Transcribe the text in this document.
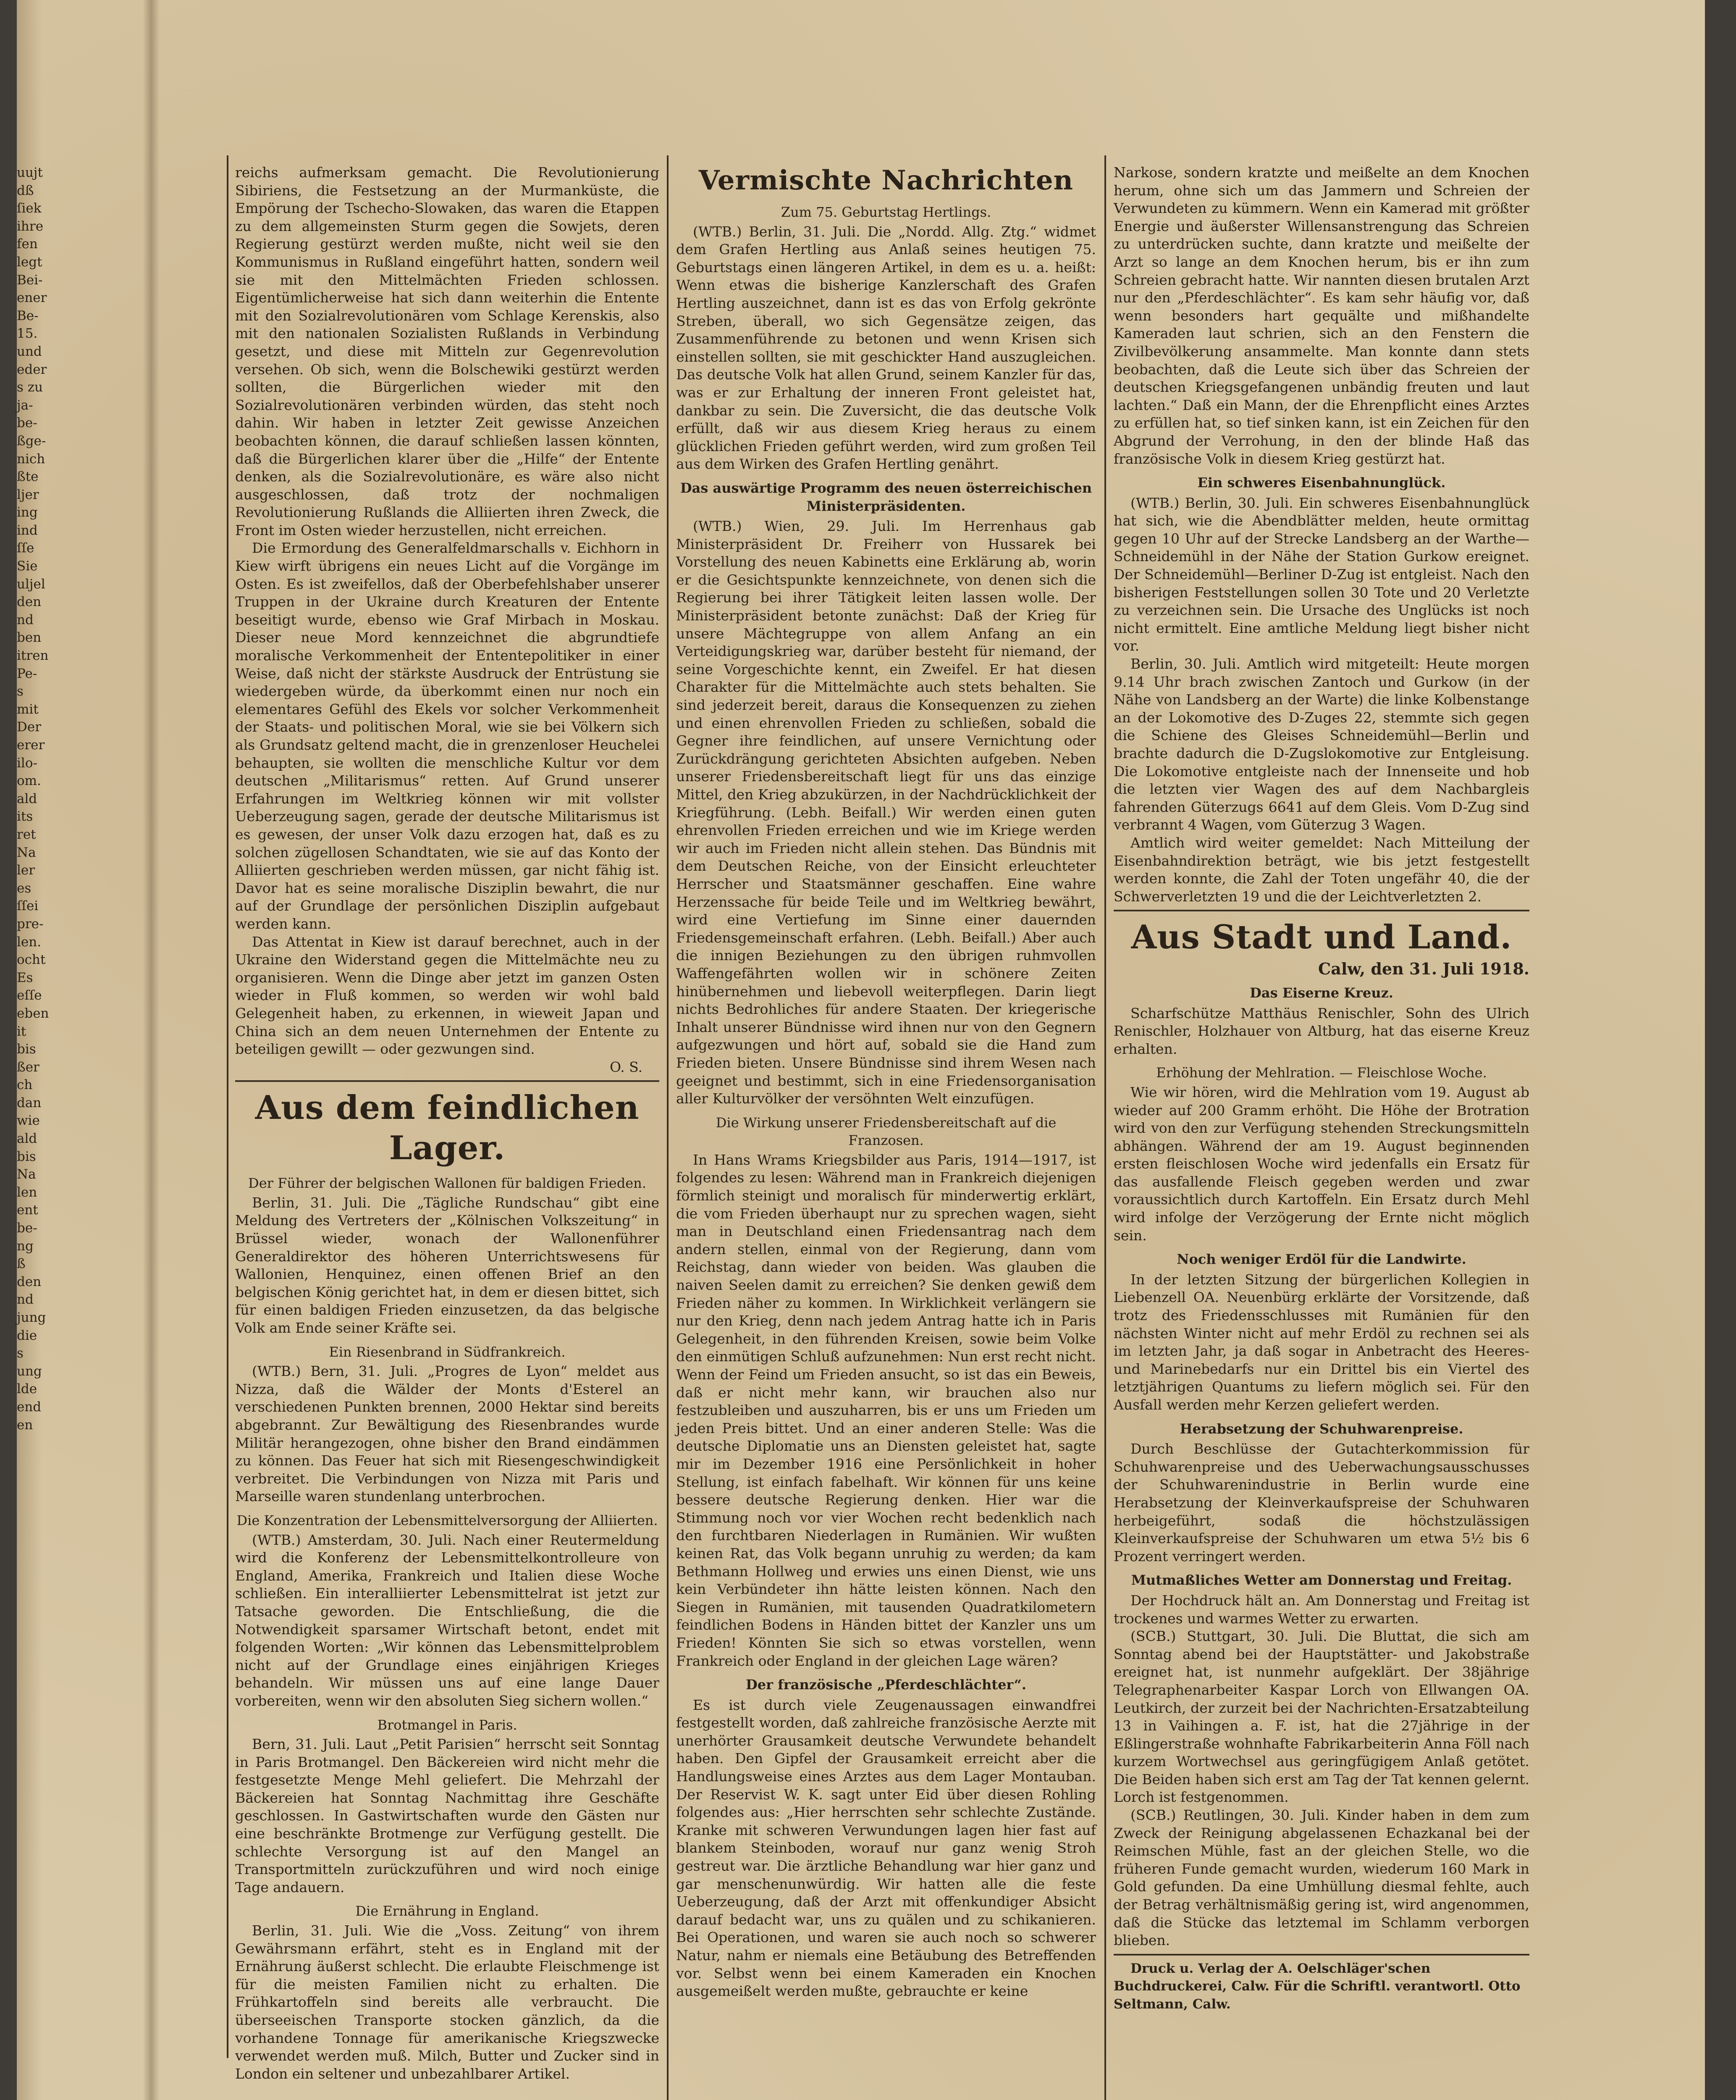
uujt
dß
ſiek
ihre
fen
legt
Bei-
ener
Be-
15.
und
eder
s zu
ja-
be-
ßge-
nich
ßte
ljer
ing
ind
ſſe
Sie
uljel
den
nd
ben
itren
Pe-
s
mit
Der
erer
ilo-
om.
ald
its
ret
Na
ler
es
ſſei
pre-
len.
ocht
Es
eſſe
eben
it
bis
ßer
ch
dan
wie
ald
bis
Na
len
ent
be-
ng
ß
den
nd
jung
die
s
ung
lde
end
en

reichs aufmerksam gemacht. Die Revolutionierung Sibiriens, die Festsetzung an der Murmanküste, die Empörung der Tschecho-Slowaken, das waren die Etappen zu dem allgemeinsten Sturm gegen die Sowjets, deren Regierung gestürzt werden mußte, nicht weil sie den Kommunismus in Rußland eingeführt hatten, sondern weil sie mit den Mittelmächten Frieden schlossen. Eigentümlicherweise hat sich dann weiterhin die Entente mit den Sozialrevolutionären vom Schlage Kerenskis, also mit den nationalen Sozialisten Rußlands in Verbindung gesetzt, und diese mit Mitteln zur Gegenrevolution versehen. Ob sich, wenn die Bolschewiki gestürzt werden sollten, die Bürgerlichen wieder mit den Sozialrevolutionären verbinden würden, das steht noch dahin. Wir haben in letzter Zeit gewisse Anzeichen beobachten können, die darauf schließen lassen könnten, daß die Bürgerlichen klarer über die „Hilfe“ der Entente denken, als die Sozialrevolutionäre, es wäre also nicht ausgeschlossen, daß trotz der nochmaligen Revolutionierung Rußlands die Alliierten ihren Zweck, die Front im Osten wieder herzustellen, nicht erreichen.

Die Ermordung des Generalfeldmarschalls v. Eichhorn in Kiew wirft übrigens ein neues Licht auf die Vorgänge im Osten. Es ist zweifellos, daß der Oberbefehlshaber unserer Truppen in der Ukraine durch Kreaturen der Entente beseitigt wurde, ebenso wie Graf Mirbach in Moskau. Dieser neue Mord kennzeichnet die abgrundtiefe moralische Verkommenheit der Ententepolitiker in einer Weise, daß nicht der stärkste Ausdruck der Entrüstung sie wiedergeben würde, da überkommt einen nur noch ein elementares Gefühl des Ekels vor solcher Verkommenheit der Staats- und politischen Moral, wie sie bei Völkern sich als Grundsatz geltend macht, die in grenzenloser Heuchelei behaupten, sie wollten die menschliche Kultur vor dem deutschen „Militarismus“ retten. Auf Grund unserer Erfahrungen im Weltkrieg können wir mit vollster Ueberzeugung sagen, gerade der deutsche Militarismus ist es gewesen, der unser Volk dazu erzogen hat, daß es zu solchen zügellosen Schandtaten, wie sie auf das Konto der Alliierten geschrieben werden müssen, gar nicht fähig ist. Davor hat es seine moralische Disziplin bewahrt, die nur auf der Grundlage der persönlichen Disziplin aufgebaut werden kann.

Das Attentat in Kiew ist darauf berechnet, auch in der Ukraine den Widerstand gegen die Mittelmächte neu zu organisieren. Wenn die Dinge aber jetzt im ganzen Osten wieder in Fluß kommen, so werden wir wohl bald Gelegenheit haben, zu erkennen, in wieweit Japan und China sich an dem neuen Unternehmen der Entente zu beteiligen gewillt — oder gezwungen sind.

O. S.

Aus dem feindlichen Lager.
Der Führer der belgischen Wallonen für baldigen Frieden.

Berlin, 31. Juli. Die „Tägliche Rundschau“ gibt eine Meldung des Vertreters der „Kölnischen Volkszeitung“ in Brüssel wieder, wonach der Wallonenführer Generaldirektor des höheren Unterrichtswesens für Wallonien, Henquinez, einen offenen Brief an den belgischen König gerichtet hat, in dem er diesen bittet, sich für einen baldigen Frieden einzusetzen, da das belgische Volk am Ende seiner Kräfte sei.

Ein Riesenbrand in Südfrankreich.

(WTB.) Bern, 31. Juli. „Progres de Lyon“ meldet aus Nizza, daß die Wälder der Monts d'Esterel an verschiedenen Punkten brennen, 2000 Hektar sind bereits abgebrannt. Zur Bewältigung des Riesenbrandes wurde Militär herangezogen, ohne bisher den Brand eindämmen zu können. Das Feuer hat sich mit Riesengeschwindigkeit verbreitet. Die Verbindungen von Nizza mit Paris und Marseille waren stundenlang unterbrochen.

Die Konzentration der Lebensmittelversorgung der Alliierten.

(WTB.) Amsterdam, 30. Juli. Nach einer Reutermeldung wird die Konferenz der Lebensmittelkontrolleure von England, Amerika, Frankreich und Italien diese Woche schließen. Ein interalliierter Lebensmittelrat ist jetzt zur Tatsache geworden. Die Entschließung, die die Notwendigkeit sparsamer Wirtschaft betont, endet mit folgenden Worten: „Wir können das Lebensmittelproblem nicht auf der Grundlage eines einjährigen Krieges behandeln. Wir müssen uns auf eine lange Dauer vorbereiten, wenn wir den absoluten Sieg sichern wollen.“

Brotmangel in Paris.

Bern, 31. Juli. Laut „Petit Parisien“ herrscht seit Sonntag in Paris Brotmangel. Den Bäckereien wird nicht mehr die festgesetzte Menge Mehl geliefert. Die Mehrzahl der Bäckereien hat Sonntag Nachmittag ihre Geschäfte geschlossen. In Gastwirtschaften wurde den Gästen nur eine beschränkte Brotmenge zur Verfügung gestellt. Die schlechte Versorgung ist auf den Mangel an Transportmitteln zurückzuführen und wird noch einige Tage andauern.

Die Ernährung in England.

Berlin, 31. Juli. Wie die „Voss. Zeitung“ von ihrem Gewährsmann erfährt, steht es in England mit der Ernährung äußerst schlecht. Die erlaubte Fleischmenge ist für die meisten Familien nicht zu erhalten. Die Frühkartoffeln sind bereits alle verbraucht. Die überseeischen Transporte stocken gänzlich, da die vorhandene Tonnage für amerikanische Kriegszwecke verwendet werden muß. Milch, Butter und Zucker sind in London ein seltener und unbezahlbarer Artikel.

Vermischte Nachrichten
Zum 75. Geburtstag Hertlings.

(WTB.) Berlin, 31. Juli. Die „Nordd. Allg. Ztg.“ widmet dem Grafen Hertling aus Anlaß seines heutigen 75. Geburtstags einen längeren Artikel, in dem es u. a. heißt: Wenn etwas die bisherige Kanzlerschaft des Grafen Hertling auszeichnet, dann ist es das von Erfolg gekrönte Streben, überall, wo sich Gegensätze zeigen, das Zusammenführende zu betonen und wenn Krisen sich einstellen sollten, sie mit geschickter Hand auszugleichen. Das deutsche Volk hat allen Grund, seinem Kanzler für das, was er zur Erhaltung der inneren Front geleistet hat, dankbar zu sein. Die Zuversicht, die das deutsche Volk erfüllt, daß wir aus diesem Krieg heraus zu einem glücklichen Frieden geführt werden, wird zum großen Teil aus dem Wirken des Grafen Hertling genährt.

Das auswärtige Programm des neuen österreichischen Ministerpräsidenten.

(WTB.) Wien, 29. Juli. Im Herrenhaus gab Ministerpräsident Dr. Freiherr von Hussarek bei Vorstellung des neuen Kabinetts eine Erklärung ab, worin er die Gesichtspunkte kennzeichnete, von denen sich die Regierung bei ihrer Tätigkeit leiten lassen wolle. Der Ministerpräsident betonte zunächst: Daß der Krieg für unsere Mächtegruppe von allem Anfang an ein Verteidigungskrieg war, darüber besteht für niemand, der seine Vorgeschichte kennt, ein Zweifel. Er hat diesen Charakter für die Mittelmächte auch stets behalten. Sie sind jederzeit bereit, daraus die Konsequenzen zu ziehen und einen ehrenvollen Frieden zu schließen, sobald die Gegner ihre feindlichen, auf unsere Vernichtung oder Zurückdrängung gerichteten Absichten aufgeben. Neben unserer Friedensbereitschaft liegt für uns das einzige Mittel, den Krieg abzukürzen, in der Nachdrücklichkeit der Kriegführung. (Lebh. Beifall.) Wir werden einen guten ehrenvollen Frieden erreichen und wie im Kriege werden wir auch im Frieden nicht allein stehen. Das Bündnis mit dem Deutschen Reiche, von der Einsicht erleuchteter Herrscher und Staatsmänner geschaffen. Eine wahre Herzenssache für beide Teile und im Weltkrieg bewährt, wird eine Vertiefung im Sinne einer dauernden Friedensgemeinschaft erfahren. (Lebh. Beifall.) Aber auch die innigen Beziehungen zu den übrigen ruhmvollen Waffengefährten wollen wir in schönere Zeiten hinübernehmen und liebevoll weiterpflegen. Darin liegt nichts Bedrohliches für andere Staaten. Der kriegerische Inhalt unserer Bündnisse wird ihnen nur von den Gegnern aufgezwungen und hört auf, sobald sie die Hand zum Frieden bieten. Unsere Bündnisse sind ihrem Wesen nach geeignet und bestimmt, sich in eine Friedensorganisation aller Kulturvölker der versöhnten Welt einzufügen.

Die Wirkung unserer Friedensbereitschaft auf die Franzosen.

In Hans Wrams Kriegsbilder aus Paris, 1914—1917, ist folgendes zu lesen: Während man in Frankreich diejenigen förmlich steinigt und moralisch für minderwertig erklärt, die vom Frieden überhaupt nur zu sprechen wagen, sieht man in Deutschland einen Friedensantrag nach dem andern stellen, einmal von der Regierung, dann vom Reichstag, dann wieder von beiden. Was glauben die naiven Seelen damit zu erreichen? Sie denken gewiß dem Frieden näher zu kommen. In Wirklichkeit verlängern sie nur den Krieg, denn nach jedem Antrag hatte ich in Paris Gelegenheit, in den führenden Kreisen, sowie beim Volke den einmütigen Schluß aufzunehmen: Nun erst recht nicht. Wenn der Feind um Frieden ansucht, so ist das ein Beweis, daß er nicht mehr kann, wir brauchen also nur festzubleiben und auszuharren, bis er uns um Frieden um jeden Preis bittet. Und an einer anderen Stelle: Was die deutsche Diplomatie uns an Diensten geleistet hat, sagte mir im Dezember 1916 eine Persönlichkeit in hoher Stellung, ist einfach fabelhaft. Wir können für uns keine bessere deutsche Regierung denken. Hier war die Stimmung noch vor vier Wochen recht bedenklich nach den furchtbaren Niederlagen in Rumänien. Wir wußten keinen Rat, das Volk begann unruhig zu werden; da kam Bethmann Hollweg und erwies uns einen Dienst, wie uns kein Verbündeter ihn hätte leisten können. Nach den Siegen in Rumänien, mit tausenden Quadratkilometern feindlichen Bodens in Händen bittet der Kanzler uns um Frieden! Könnten Sie sich so etwas vorstellen, wenn Frankreich oder England in der gleichen Lage wären?

Der französische „Pferdeschlächter“.

Es ist durch viele Zeugenaussagen einwandfrei festgestellt worden, daß zahlreiche französische Aerzte mit unerhörter Grausamkeit deutsche Verwundete behandelt haben. Den Gipfel der Grausamkeit erreicht aber die Handlungsweise eines Arztes aus dem Lager Montauban. Der Reservist W. K. sagt unter Eid über diesen Rohling folgendes aus: „Hier herrschten sehr schlechte Zustände. Kranke mit schweren Verwundungen lagen hier fast auf blankem Steinboden, worauf nur ganz wenig Stroh gestreut war. Die ärztliche Behandlung war hier ganz und gar menschenunwürdig. Wir hatten alle die feste Ueberzeugung, daß der Arzt mit offenkundiger Absicht darauf bedacht war, uns zu quälen und zu schikanieren. Bei Operationen, und waren sie auch noch so schwerer Natur, nahm er niemals eine Betäubung des Betreffenden vor. Selbst wenn bei einem Kameraden ein Knochen ausgemeißelt werden mußte, gebrauchte er keine

Narkose, sondern kratzte und meißelte an dem Knochen herum, ohne sich um das Jammern und Schreien der Verwundeten zu kümmern. Wenn ein Kamerad mit größter Energie und äußerster Willensanstrengung das Schreien zu unterdrücken suchte, dann kratzte und meißelte der Arzt so lange an dem Knochen herum, bis er ihn zum Schreien gebracht hatte. Wir nannten diesen brutalen Arzt nur den „Pferdeschlächter“. Es kam sehr häufig vor, daß wenn besonders hart gequälte und mißhandelte Kameraden laut schrien, sich an den Fenstern die Zivilbevölkerung ansammelte. Man konnte dann stets beobachten, daß die Leute sich über das Schreien der deutschen Kriegsgefangenen unbändig freuten und laut lachten.“ Daß ein Mann, der die Ehrenpflicht eines Arztes zu erfüllen hat, so tief sinken kann, ist ein Zeichen für den Abgrund der Verrohung, in den der blinde Haß das französische Volk in diesem Krieg gestürzt hat.

Ein schweres Eisenbahnunglück.

(WTB.) Berlin, 30. Juli. Ein schweres Eisenbahnunglück hat sich, wie die Abendblätter melden, heute ormittag gegen 10 Uhr auf der Strecke Landsberg an der Warthe—Schneidemühl in der Nähe der Station Gurkow ereignet. Der Schneidemühl—Berliner D-Zug ist entgleist. Nach den bisherigen Feststellungen sollen 30 Tote und 20 Verletzte zu verzeichnen sein. Die Ursache des Unglücks ist noch nicht ermittelt. Eine amtliche Meldung liegt bisher nicht vor.

Berlin, 30. Juli. Amtlich wird mitgeteilt: Heute morgen 9.14 Uhr brach zwischen Zantoch und Gurkow (in der Nähe von Landsberg an der Warte) die linke Kolbenstange an der Lokomotive des D-Zuges 22, stemmte sich gegen die Schiene des Gleises Schneidemühl—Berlin und brachte dadurch die D-Zugslokomotive zur Entgleisung. Die Lokomotive entgleiste nach der Innenseite und hob die letzten vier Wagen des auf dem Nachbargleis fahrenden Güterzugs 6641 auf dem Gleis. Vom D-Zug sind verbrannt 4 Wagen, vom Güterzug 3 Wagen.

Amtlich wird weiter gemeldet: Nach Mitteilung der Eisenbahndirektion beträgt, wie bis jetzt festgestellt werden konnte, die Zahl der Toten ungefähr 40, die der Schwerverletzten 19 und die der Leichtverletzten 2.

Aus Stadt und Land.

Calw, den 31. Juli 1918.

Das Eiserne Kreuz.

Scharfschütze Matthäus Renischler, Sohn des Ulrich Renischler, Holzhauer von Altburg, hat das eiserne Kreuz erhalten.

Erhöhung der Mehlration. — Fleischlose Woche.

Wie wir hören, wird die Mehlration vom 19. August ab wieder auf 200 Gramm erhöht. Die Höhe der Brotration wird von den zur Verfügung stehenden Streckungsmitteln abhängen. Während der am 19. August beginnenden ersten fleischlosen Woche wird jedenfalls ein Ersatz für das ausfallende Fleisch gegeben werden und zwar voraussichtlich durch Kartoffeln. Ein Ersatz durch Mehl wird infolge der Verzögerung der Ernte nicht möglich sein.

Noch weniger Erdöl für die Landwirte.

In der letzten Sitzung der bürgerlichen Kollegien in Liebenzell OA. Neuenbürg erklärte der Vorsitzende, daß trotz des Friedensschlusses mit Rumänien für den nächsten Winter nicht auf mehr Erdöl zu rechnen sei als im letzten Jahr, ja daß sogar in Anbetracht des Heeres- und Marinebedarfs nur ein Drittel bis ein Viertel des letztjährigen Quantums zu liefern möglich sei. Für den Ausfall werden mehr Kerzen geliefert werden.

Herabsetzung der Schuhwarenpreise.

Durch Beschlüsse der Gutachterkommission für Schuhwarenpreise und des Ueberwachungsausschusses der Schuhwarenindustrie in Berlin wurde eine Herabsetzung der Kleinverkaufspreise der Schuhwaren herbeigeführt, sodaß die höchstzulässigen Kleinverkaufspreise der Schuhwaren um etwa 5½ bis 6 Prozent verringert werden.

Mutmaßliches Wetter am Donnerstag und Freitag.

Der Hochdruck hält an. Am Donnerstag und Freitag ist trockenes und warmes Wetter zu erwarten.

(SCB.) Stuttgart, 30. Juli. Die Bluttat, die sich am Sonntag abend bei der Hauptstätter- und Jakobstraße ereignet hat, ist nunmehr aufgeklärt. Der 38jährige Telegraphenarbeiter Kaspar Lorch von Ellwangen OA. Leutkirch, der zurzeit bei der Nachrichten-Ersatzabteilung 13 in Vaihingen a. F. ist, hat die 27jährige in der Eßlingerstraße wohnhafte Fabrikarbeiterin Anna Föll nach kurzem Wortwechsel aus geringfügigem Anlaß getötet. Die Beiden haben sich erst am Tag der Tat kennen gelernt. Lorch ist festgenommen.

(SCB.) Reutlingen, 30. Juli. Kinder haben in dem zum Zweck der Reinigung abgelassenen Echazkanal bei der Reimschen Mühle, fast an der gleichen Stelle, wo die früheren Funde gemacht wurden, wiederum 160 Mark in Gold gefunden. Da eine Umhüllung diesmal fehlte, auch der Betrag verhältnismäßig gering ist, wird angenommen, daß die Stücke das letztemal im Schlamm verborgen blieben.

Druck u. Verlag der A. Oelschläger'schen Buchdruckerei, Calw. Für die Schriftl. verantwortl. Otto Seltmann, Calw.
